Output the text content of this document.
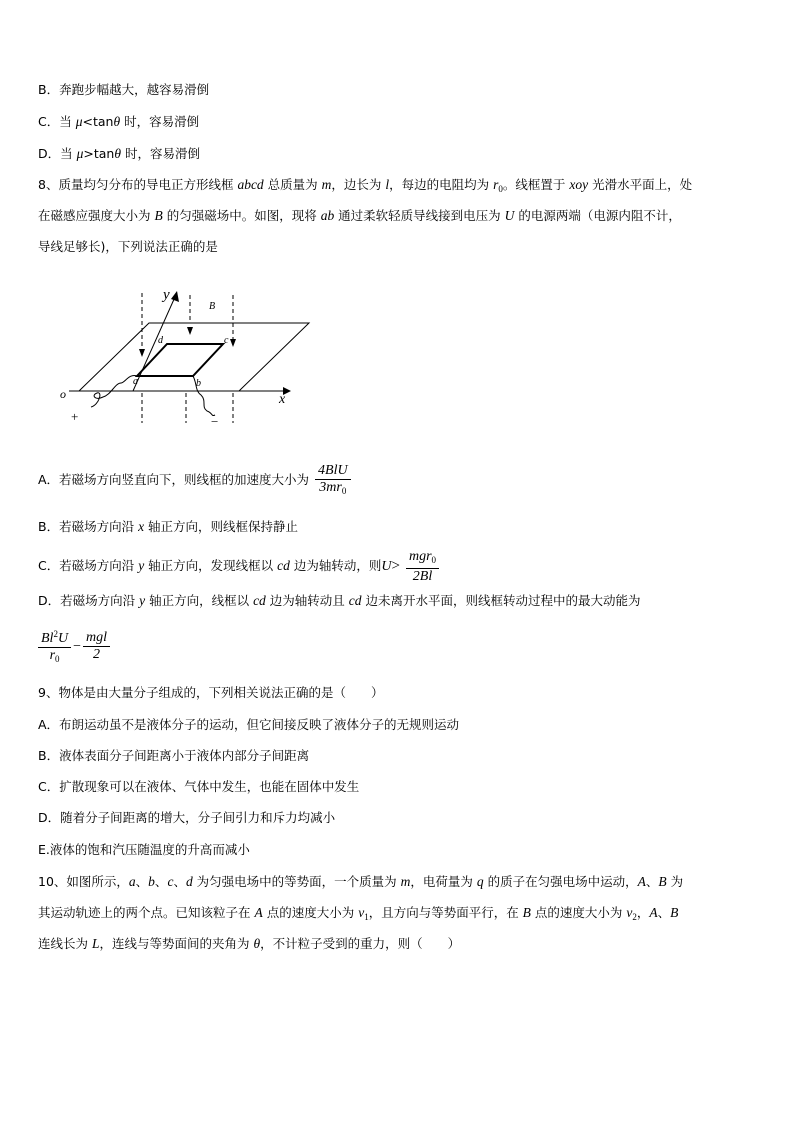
B．奔跑步幅越大，越容易滑倒
C．当 μ<tanθ 时，容易滑倒
D．当 μ>tanθ 时，容易滑倒
8、质量均匀分布的导电正方形线框 abcd 总质量为 m，边长为 l，每边的电阻均为 $r_0$。线框置于 xoy 光滑水平面上，处
在磁感应强度大小为 B 的匀强磁场中。如图，现将 ab 通过柔软轻质导线接到电压为 U 的电源两端（电源内阻不计，
导线足够长)，下列说法正确的是
y
B
d	c
a	b
o	x
+	−
A．若磁场方向竖直向下，则线框的加速度大小为 $\frac{\text{4BlU}}{3mr_0}$
B．若磁场方向沿 x 轴正方向，则线框保持静止
C．若磁场方向沿 y 轴正方向，发现线框以 cd 边为轴转动，则$U> \frac{mgr_0}{2Bl}$
D．若磁场方向沿 y 轴正方向，线框以 cd 边为轴转动且 cd 边未离开水平面，则线框转动过程中的最大动能为
$\frac{Bl^2U}{r_0} - \frac{\text{mgl}}{2}$
9、物体是由大量分子组成的，下列相关说法正确的是（　　）
A．布朗运动虽不是液体分子的运动，但它间接反映了液体分子的无规则运动
B．液体表面分子间距离小于液体内部分子间距离
C．扩散现象可以在液体、气体中发生，也能在固体中发生
D．随着分子间距离的增大，分子间引力和斥力均减小
E.液体的饱和汽压随温度的升高而减小
10、如图所示，a、b、c、d 为匀强电场中的等势面，一个质量为 m，电荷量为 q 的质子在匀强电场中运动，A、B 为
其运动轨迹上的两个点。已知该粒子在 A 点的速度大小为 $v_1$，且方向与等势面平行，在 B 点的速度大小为 $v_2$，A、B
连线长为 L，连线与等势面间的夹角为 θ，不计粒子受到的重力，则（　　）
